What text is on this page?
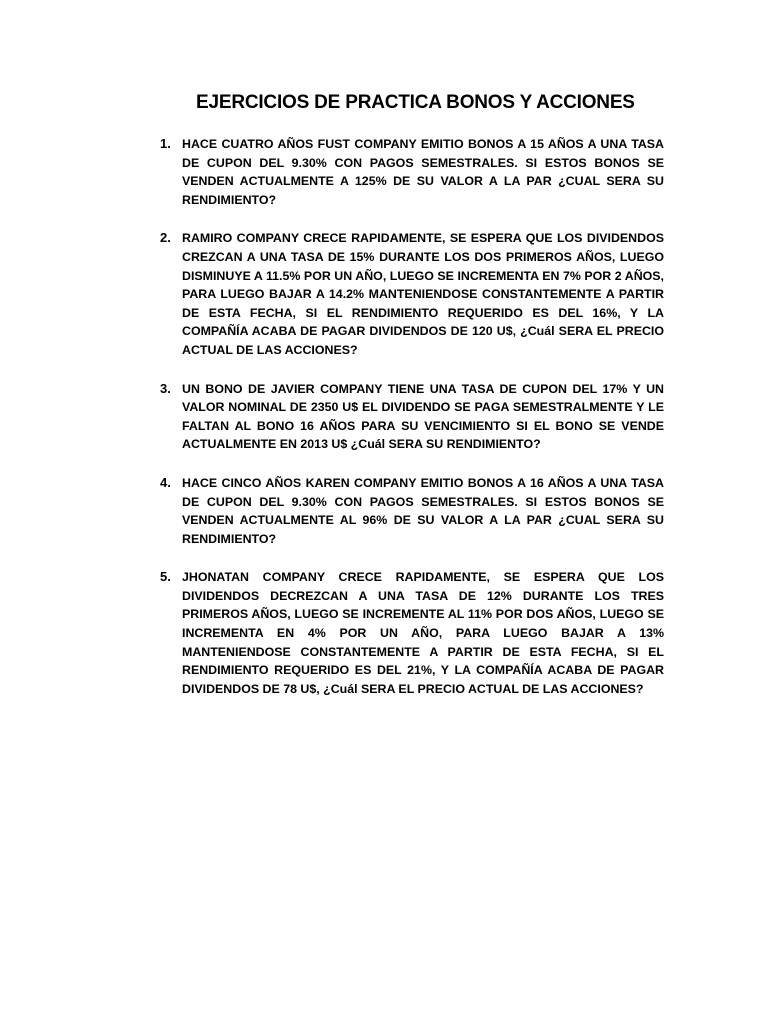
EJERCICIOS DE PRACTICA BONOS Y ACCIONES
1. HACE CUATRO AÑOS FUST COMPANY EMITIO BONOS A 15 AÑOS A UNA TASA DE CUPON DEL 9.30% CON PAGOS SEMESTRALES. SI ESTOS BONOS SE VENDEN ACTUALMENTE A 125% DE SU VALOR A LA PAR ¿CUAL SERA SU RENDIMIENTO?
2. RAMIRO COMPANY CRECE RAPIDAMENTE, SE ESPERA QUE LOS DIVIDENDOS CREZCAN A UNA TASA DE 15% DURANTE LOS DOS PRIMEROS AÑOS, LUEGO DISMINUYE A 11.5% POR UN AÑO, LUEGO SE INCREMENTA EN 7% POR 2 AÑOS, PARA LUEGO BAJAR A 14.2% MANTENIENDOSE CONSTANTEMENTE A PARTIR DE ESTA FECHA, SI EL RENDIMIENTO REQUERIDO ES DEL 16%, Y LA COMPAÑÍA ACABA DE PAGAR DIVIDENDOS DE 120 U$, ¿Cuál SERA EL PRECIO ACTUAL DE LAS ACCIONES?
3. UN BONO DE JAVIER COMPANY TIENE UNA TASA DE CUPON DEL 17% Y UN VALOR NOMINAL DE 2350 U$ EL DIVIDENDO SE PAGA SEMESTRALMENTE Y LE FALTAN AL BONO 16 AÑOS PARA SU VENCIMIENTO SI EL BONO SE VENDE ACTUALMENTE EN 2013 U$ ¿Cuál SERA SU RENDIMIENTO?
4. HACE CINCO AÑOS KAREN COMPANY EMITIO BONOS A 16 AÑOS A UNA TASA DE CUPON DEL 9.30% CON PAGOS SEMESTRALES. SI ESTOS BONOS SE VENDEN ACTUALMENTE AL 96% DE SU VALOR A LA PAR ¿CUAL SERA SU RENDIMIENTO?
5. JHONATAN COMPANY CRECE RAPIDAMENTE, SE ESPERA QUE LOS DIVIDENDOS DECREZCAN A UNA TASA DE 12% DURANTE LOS TRES PRIMEROS AÑOS, LUEGO SE INCREMENTE AL 11% POR DOS AÑOS, LUEGO SE INCREMENTA EN 4% POR UN AÑO, PARA LUEGO BAJAR A 13% MANTENIENDOSE CONSTANTEMENTE A PARTIR DE ESTA FECHA, SI EL RENDIMIENTO REQUERIDO ES DEL 21%, Y LA COMPAÑÍA ACABA DE PAGAR DIVIDENDOS DE 78 U$, ¿Cuál SERA EL PRECIO ACTUAL DE LAS ACCIONES?
